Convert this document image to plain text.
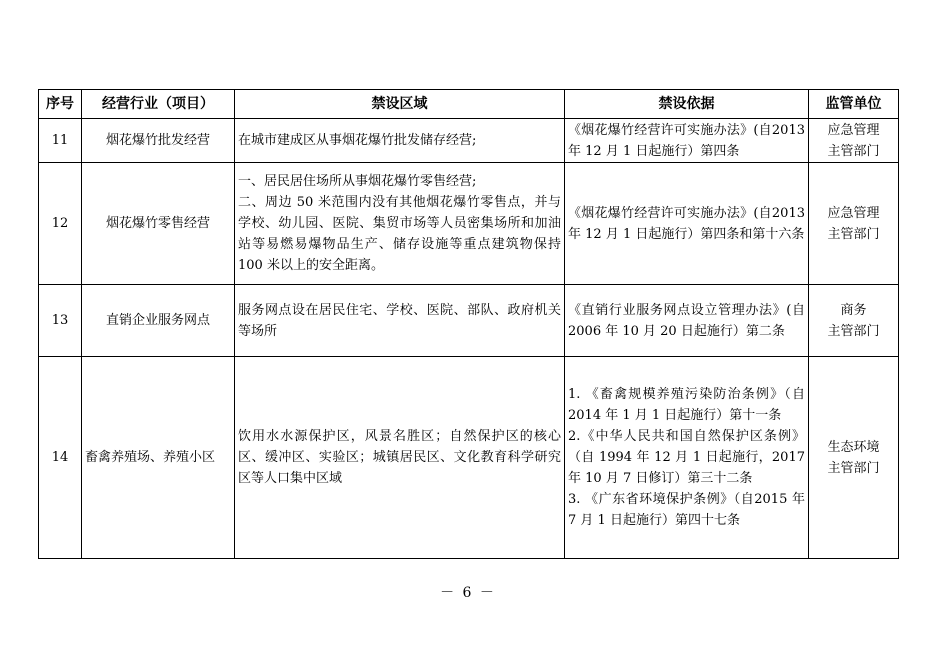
序号	经营行业（项目）	禁设区域	禁设依据	监管单位
11	烟花爆竹批发经营	在城市建成区从事烟花爆竹批发储存经营;	《烟花爆竹经营许可实施办法》(自2013 年 12 月 1 日起施行）第四条	应急管理
主管部门

12	烟花爆竹零售经营	一、居民居住场所从事烟花爆竹零售经营;
二、周边 50 米范围内没有其他烟花爆竹零售点，并与学校、幼儿园、医院、集贸市场等人员密集场所和加油站等易燃易爆物品生产、储存设施等重点建筑物保持 100 米以上的安全距离。	《烟花爆竹经营许可实施办法》(自2013 年 12 月 1 日起施行）第四条和第十六条	应急管理
主管部门

13	直销企业服务网点	服务网点设在居民住宅、学校、医院、部队、政府机关等场所	《直销行业服务网点设立管理办法》(自 2006 年 10 月 20 日起施行）第二条	商务
主管部门

14	畜禽养殖场、养殖小区	饮用水水源保护区，风景名胜区；自然保护区的核心区、缓冲区、实验区；城镇居民区、文化教育科学研究区等人口集中区域	1. 《畜禽规模养殖污染防治条例》（自 2014 年 1 月 1 日起施行）第十一条
2.《中华人民共和国自然保护区条例》（自 1994 年 12 月 1 日起施行，2017 年 10 月 7 日修订）第三十二条
3. 《广东省环境保护条例》（自2015 年 7 月 1 日起施行）第四十七条	生态环境
主管部门
－ 6 －
